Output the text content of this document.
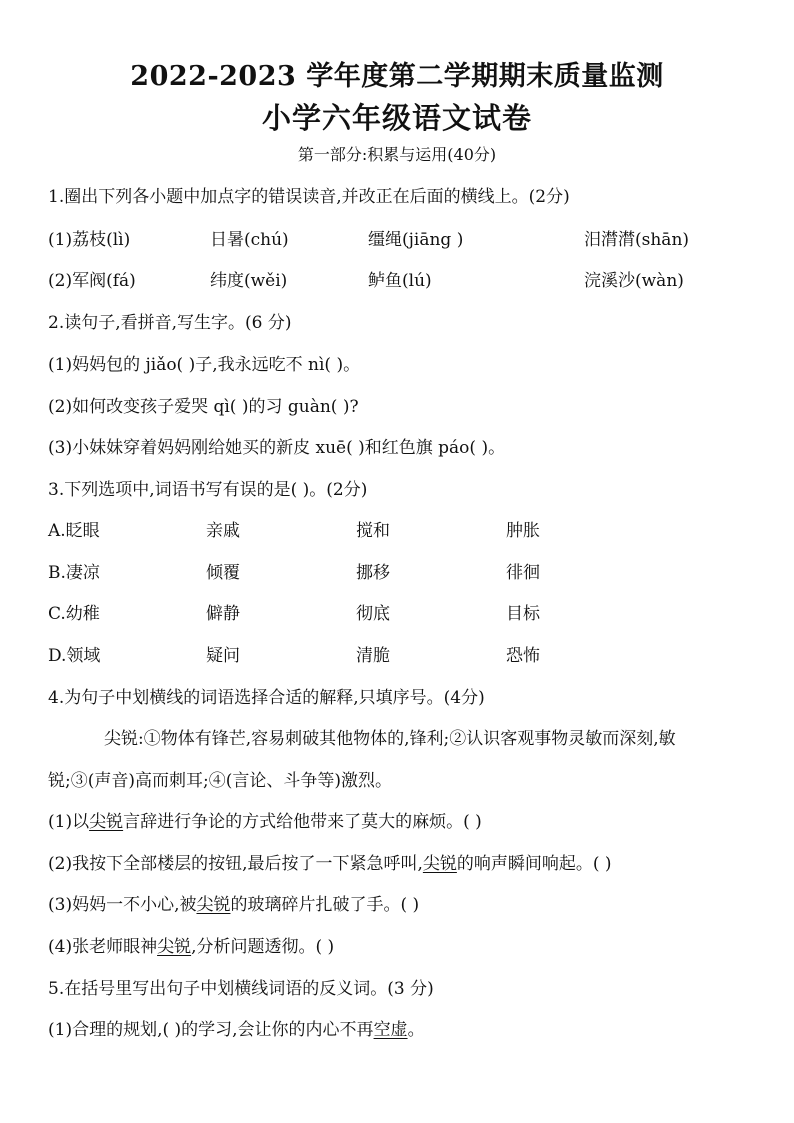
2022-2023 学年度第二学期期末质量监测
小学六年级语文试卷
第一部分:积累与运用(40分)
1.圈出下列各小题中加点字的错误读音,并改正在后面的横线上。(2分)
(1)荔枝(lì)	日暑(chú)	缰绳(jiāng )	汨潸潸(shān)
(2)军阀(fá)	纬度(wěi)	鲈鱼(lú)	浣溪沙(wàn)
2.读句子,看拼音,写生字。(6 分)
(1)妈妈包的 jiǎo( )子,我永远吃不 nì( )。
(2)如何改变孩子爱哭 qì( )的习 guàn( )?
(3)小妹妹穿着妈妈刚给她买的新皮 xuē( )和红色旗 páo( )。
3.下列选项中,词语书写有误的是( )。(2分)
A.眨眼	亲戚	搅和	肿胀
B.凄凉	倾覆	挪移	徘徊
C.幼稚	僻静	彻底	目标
D.领域	疑问	清脆	恐怖
4.为句子中划横线的词语选择合适的解释,只填序号。(4分)
尖锐:①物体有锋芒,容易刺破其他物体的,锋利;②认识客观事物灵敏而深刻,敏
锐;③(声音)高而刺耳;④(言论、斗争等)激烈。
(1)以尖锐言辞进行争论的方式给他带来了莫大的麻烦。( )
(2)我按下全部楼层的按钮,最后按了一下紧急呼叫,尖锐的响声瞬间响起。( )
(3)妈妈一不小心,被尖锐的玻璃碎片扎破了手。( )
(4)张老师眼神尖锐,分析问题透彻。( )
5.在括号里写出句子中划横线词语的反义词。(3 分)
(1)合理的规划,( )的学习,会让你的内心不再空虚。
